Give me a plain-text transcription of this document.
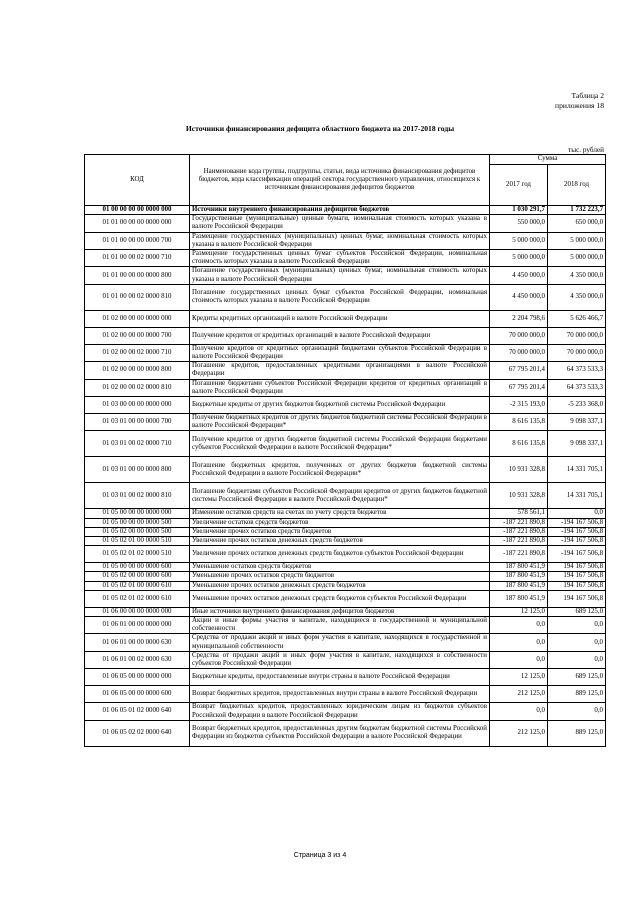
Таблица 2
приложения 18
Источники финансирования дефицита областного бюджета на 2017-2018 годы
тыс. рублей
КОД	Наименование кода группы, подгруппы, статьи, вида источника финансирования дефицитов бюджетов, кода классификации операций сектора государственного управления, относящихся к источникам финансирования дефицитов бюджетов	Сумма	
		2017 год	2018 год
01 00 00 00 00 0000 000	Источники внутреннего финансирования дефицитов бюджетов	1 030 291,7	1 732 223,7
01 01 00 00 00 0000 000	Государственные (муниципальные) ценные бумаги, номинальная стоимость которых указана в валюте Российской Федерации	550 000,0	650 000,0
01 01 00 00 00 0000 700	Размещение государственных (муниципальных) ценных бумаг, номинальная стоимость которых указана в валюте Российской Федерации	5 000 000,0	5 000 000,0
01 01 00 00 02 0000 710	Размещение государственных ценных бумаг субъектов Российской Федерации, номинальная стоимость которых указана в валюте Российской Федерации	5 000 000,0	5 000 000,0
01 01 00 00 00 0000 800	Погашение государственных (муниципальных) ценных бумаг, номинальная стоимость которых указана в валюте Российской Федерации	4 450 000,0	4 350 000,0
01 01 00 00 02 0000 810	Погашение государственных ценных бумаг субъектов Российской Федерации, номинальная стоимость которых указана в валюте Российской Федерации	4 450 000,0	4 350 000,0
01 02 00 00 00 0000 000	Кредиты кредитных организаций в валюте Российской Федерации	2 204 798,6	5 626 466,7
01 02 00 00 00 0000 700	Получение кредитов от кредитных организаций в валюте Российской Федерации	70 000 000,0	70 000 000,0
01 02 00 00 02 0000 710	Получение кредитов от кредитных организаций бюджетами субъектов Российской Федерации в валюте Российской Федерации	70 000 000,0	70 000 000,0
01 02 00 00 00 0000 800	Погашение кредитов, предоставленных кредитными организациями в валюте Российской Федерации	67 795 201,4	64 373 533,3
01 02 00 00 02 0000 810	Погашение бюджетами субъектов Российской Федерации кредитов от кредитных организаций в валюте Российской Федерации	67 795 201,4	64 373 533,3
01 03 00 00 00 0000 000	Бюджетные кредиты от других бюджетов бюджетной системы Российской Федерации	-2 315 193,0	-5 233 368,0
01 03 01 00 00 0000 700	Получение бюджетных кредитов от других бюджетов бюджетной системы Российской Федерации в валюте Российской Федерации*	8 616 135,8	9 098 337,1
01 03 01 00 02 0000 710	Получение кредитов от других бюджетов бюджетной системы Российской Федерации бюджетами субъектов Российской Федерации в валюте Российской Федерации*	8 616 135,8	9 098 337,1
01 03 01 00 00 0000 800	Погашение бюджетных кредитов, полученных от других бюджетов бюджетной системы Российской Федерации в валюте Российской Федерации*	10 931 328,8	14 331 705,1
01 03 01 00 02 0000 810	Погашение бюджетами субъектов Российской Федерации кредитов от других бюджетов бюджетной системы Российской Федерации в валюте Российской Федерации*	10 931 328,8	14 331 705,1
01 05 00 00 00 0000 000	Изменение остатков средств на счетах по учету средств бюджетов	578 561,1	0,0
01 05 00 00 00 0000 500	Увеличение остатков средств бюджетов	-187 221 890,8	-194 167 506,8
01 05 02 00 00 0000 500	Увеличение прочих остатков средств бюджетов	-187 221 890,8	-194 167 506,8
01 05 02 01 00 0000 510	Увеличение прочих остатков денежных средств бюджетов	-187 221 890,8	-194 167 506,8
01 05 02 01 02 0000 510	Увеличение прочих остатков денежных средств бюджетов субъектов Российской Федерации	-187 221 890,8	-194 167 506,8
01 05 00 00 00 0000 600	Уменьшение остатков средств бюджетов	187 800 451,9	194 167 506,8
01 05 02 00 00 0000 600	Уменьшение прочих остатков средств бюджетов	187 800 451,9	194 167 506,8
01 05 02 01 00 0000 610	Уменьшение прочих остатков денежных средств бюджетов	187 800 451,9	194 167 506,8
01 05 02 01 02 0000 610	Уменьшение прочих остатков денежных средств бюджетов субъектов Российской Федерации	187 800 451,9	194 167 506,8
01 06 00 00 00 0000 000	Иные источники внутреннего финансирования дефицитов бюджетов	12 125,0	689 125,0
01 06 01 00 00 0000 000	Акции и иные формы участия в капитале, находящиеся в государственной и муниципальной собственности	0,0	0,0
01 06 01 00 00 0000 630	Средства от продажи акций и иных форм участия в капитале, находящихся в государственной и муниципальной собственности	0,0	0,0
01 06 01 00 02 0000 630	Средства от продажи акций и иных форм участия в капитале, находящихся в собственности субъектов Российской Федерации	0,0	0,0
01 06 05 00 00 0000 000	Бюджетные кредиты, предоставленные внутри страны в валюте Российской Федерации	12 125,0	689 125,0
01 06 05 00 00 0000 600	Возврат бюджетных кредитов, предоставленных внутри страны в валюте Российской Федерации	212 125,0	889 125,0
01 06 05 01 02 0000 640	Возврат бюджетных кредитов, предоставленных юридическим лицам из бюджетов субъектов Российской Федерации в валюте Российской Федерации	0,0	0,0
01 06 05 02 02 0000 640	Возврат бюджетных кредитов, предоставленных другим бюджетам бюджетной системы Российской Федерации из бюджетов субъектов Российской Федерации в валюте Российской Федерации	212 125,0	889 125,0
Страница 3 из 4
